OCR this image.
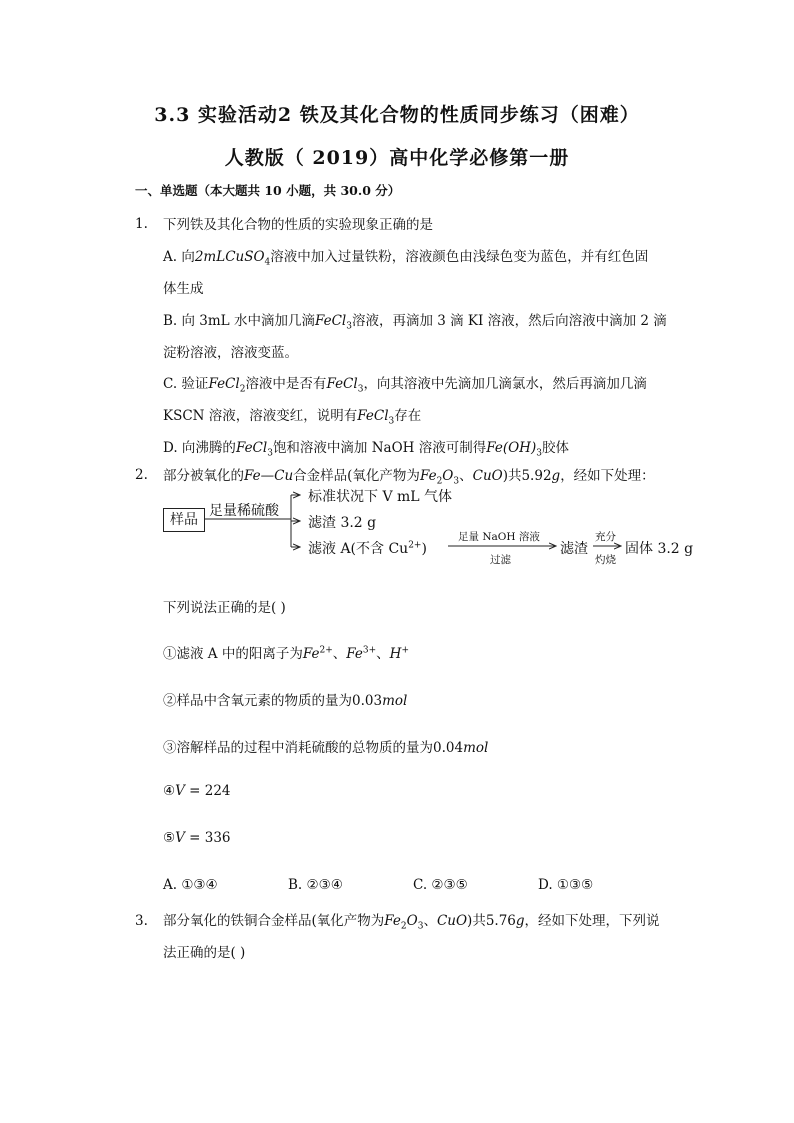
3.3 实验活动2 铁及其化合物的性质同步练习（困难）
人教版（ 2019）高中化学必修第一册
一、单选题（本大题共 10 小题，共 30.0 分）
1. 下列铁及其化合物的性质的实验现象正确的是
A. 向2mLCuSO$_4$溶液中加入过量铁粉，溶液颜色由浅绿色变为蓝色，并有红色固
体生成
B. 向 3mL 水中滴加几滴FeCl$_3$溶液，再滴加 3 滴 KI 溶液，然后向溶液中滴加 2 滴
淀粉溶液，溶液变蓝。
C. 验证FeCl$_2$溶液中是否有FeCl$_3$，向其溶液中先滴加几滴氯水，然后再滴加几滴
KSCN 溶液，溶液变红，说明有FeCl$_3$存在
D. 向沸腾的FeCl$_3$饱和溶液中滴加 NaOH 溶液可制得$Fe(OH)_3$胶体
2. 部分被氧化的Fe—Cu合金样品(氧化产物为$Fe_2O_3$、CuO)共5.92g，经如下处理：
样品
足量稀硫酸
标准状况下 V mL 气体
滤渣 3.2 g
滤液 A(不含 $Cu^{2+}$)
足量 NaOH 溶液
过滤
滤渣
充分
灼烧
固体 3.2 g
下列说法正确的是( )
①滤液 A 中的阳离子为$Fe^{2+}$、$Fe^{3+}$、H+
②样品中含氧元素的物质的量为0.03mol
③溶解样品的过程中消耗硫酸的总物质的量为0.04mol
④V = 224
⑤V = 336
A. ①③④	B. ②③④	C. ②③⑤	D. ①③⑤
3. 部分氧化的铁铜合金样品(氧化产物为$Fe_2O_3$、CuO)共5.76g，经如下处理，下列说
法正确的是( )
